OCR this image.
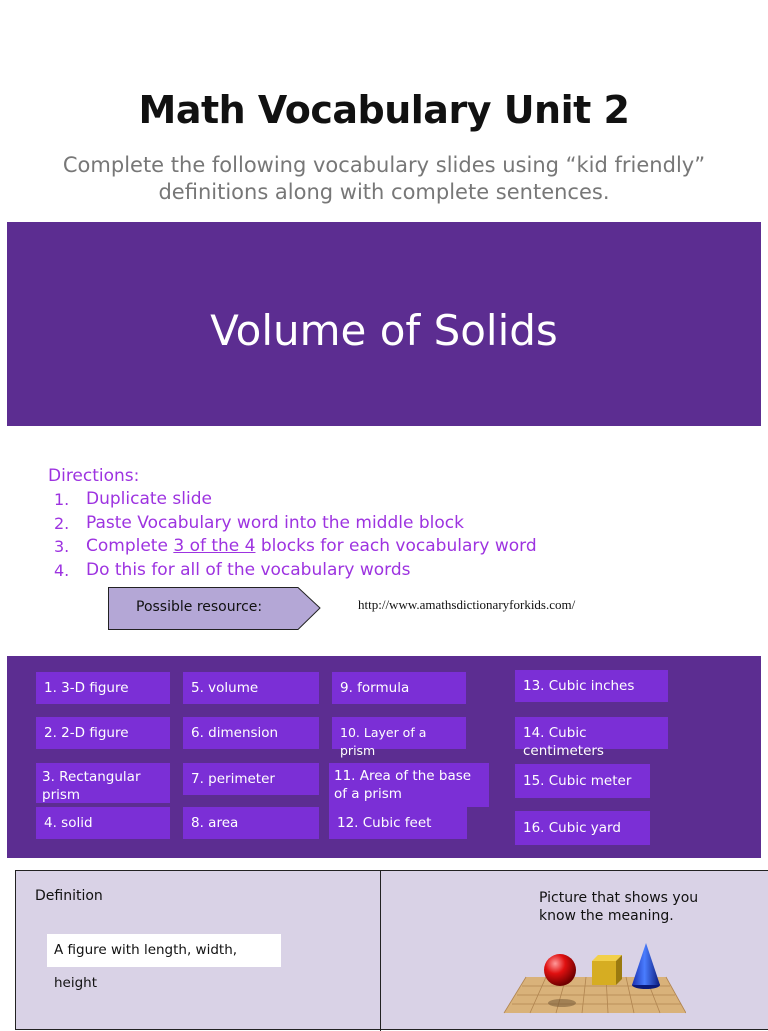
Math Vocabulary Unit 2
Complete the following vocabulary slides using “kid friendly”
definitions along with complete sentences.
Volume of Solids
Directions:
1. Duplicate slide
2. Paste Vocabulary word into the middle block
3. Complete 3 of the 4 blocks for each vocabulary word
4. Do this for all of the vocabulary words
Possible resource:	http://www.amathsdictionaryforkids.com/
1. 3-D figure
2. 2-D figure
3. Rectangular prism
4. solid
5. volume
6. dimension
7. perimeter
8. area
9. formula
10. Layer of a prism
11. Area of the base of a prism
12. Cubic feet
13. Cubic inches
14. Cubic centimeters
15. Cubic meter
16. Cubic yard
Definition
A figure with length, width, height
Picture that shows you know the meaning.
